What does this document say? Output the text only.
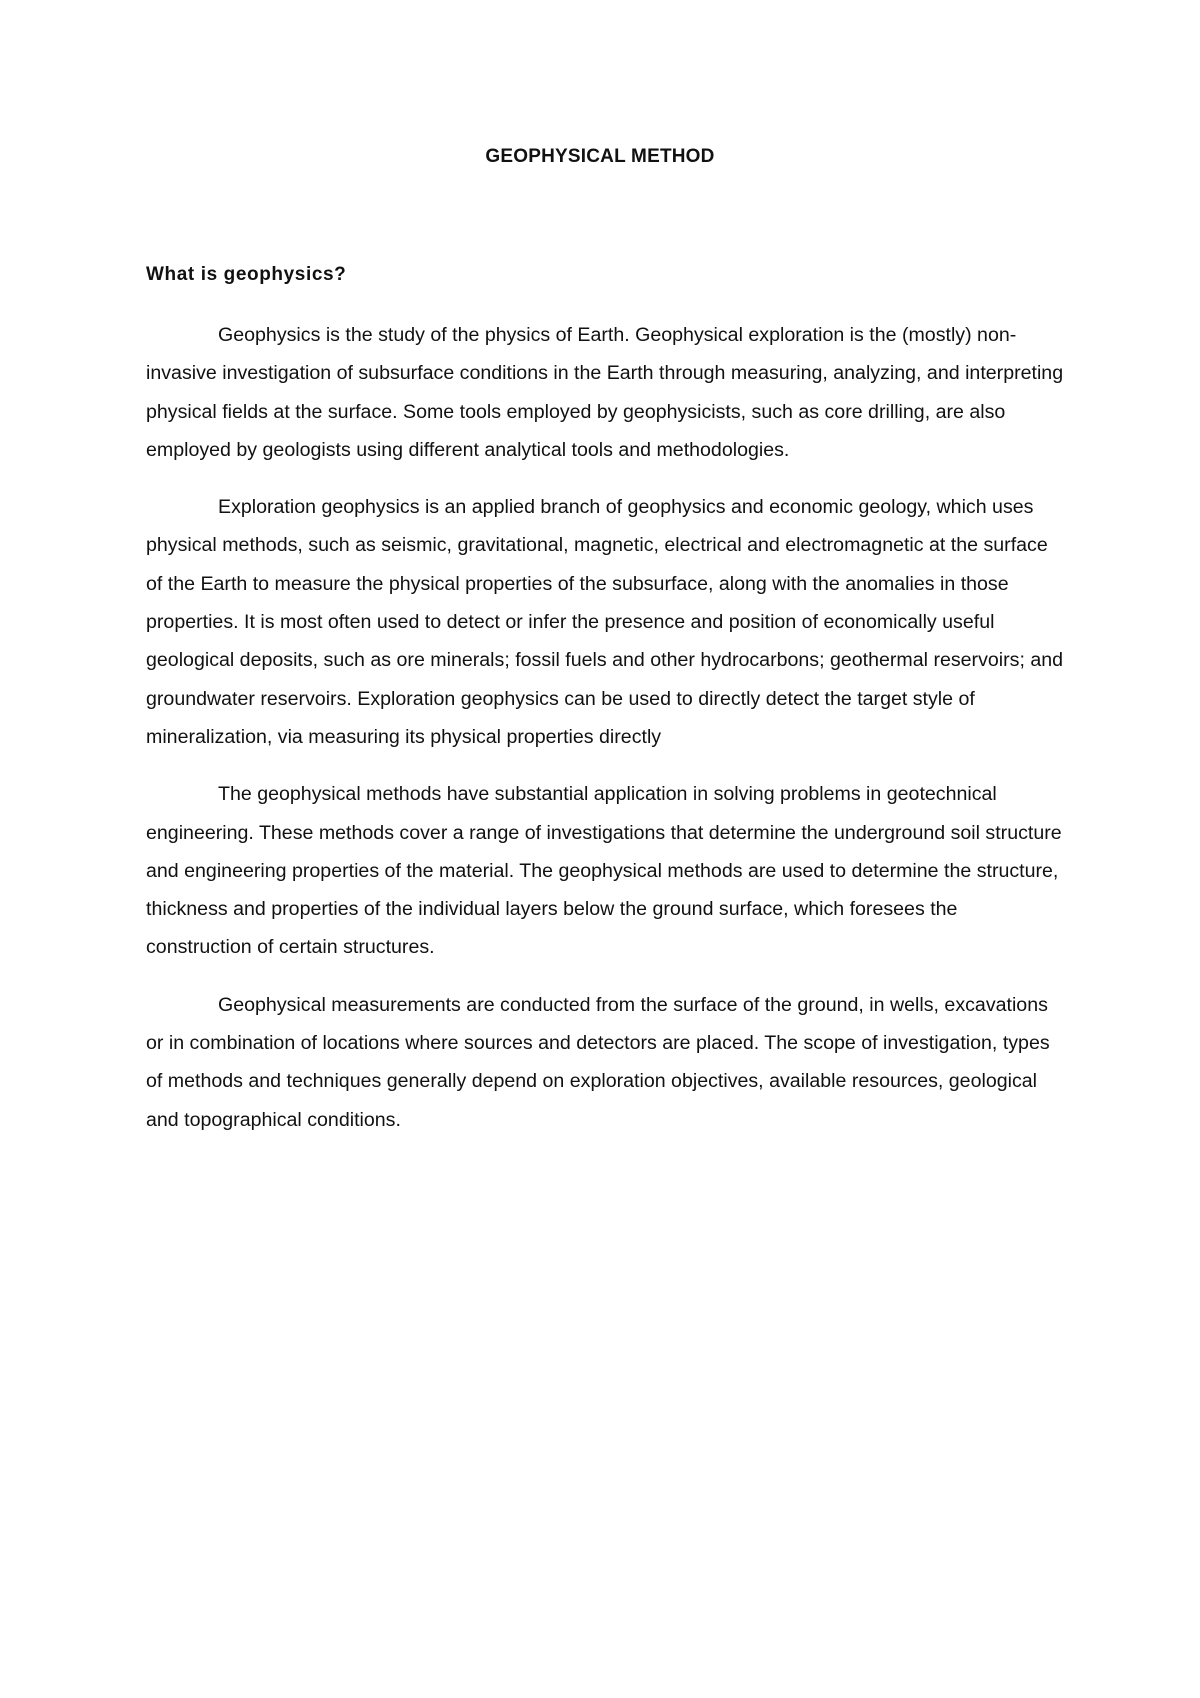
GEOPHYSICAL METHOD
What is geophysics?

Geophysics is the study of the physics of Earth. Geophysical exploration is the (mostly) non-invasive investigation of subsurface conditions in the Earth through measuring, analyzing, and interpreting physical fields at the surface. Some tools employed by geophysicists, such as core drilling, are also employed by geologists using different analytical tools and methodologies.

Exploration geophysics is an applied branch of geophysics and economic geology, which uses physical methods, such as seismic, gravitational, magnetic, electrical and electromagnetic at the surface of the Earth to measure the physical properties of the subsurface, along with the anomalies in those properties. It is most often used to detect or infer the presence and position of economically useful geological deposits, such as ore minerals; fossil fuels and other hydrocarbons; geothermal reservoirs; and groundwater reservoirs. Exploration geophysics can be used to directly detect the target style of mineralization, via measuring its physical properties directly

The geophysical methods have substantial application in solving problems in geotechnical engineering. These methods cover a range of investigations that determine the underground soil structure and engineering properties of the material. The geophysical methods are used to determine the structure, thickness and properties of the individual layers below the ground surface, which foresees the construction of certain structures.

Geophysical measurements are conducted from the surface of the ground, in wells, excavations or in combination of locations where sources and detectors are placed. The scope of investigation, types of methods and techniques generally depend on exploration objectives, available resources, geological and topographical conditions.
